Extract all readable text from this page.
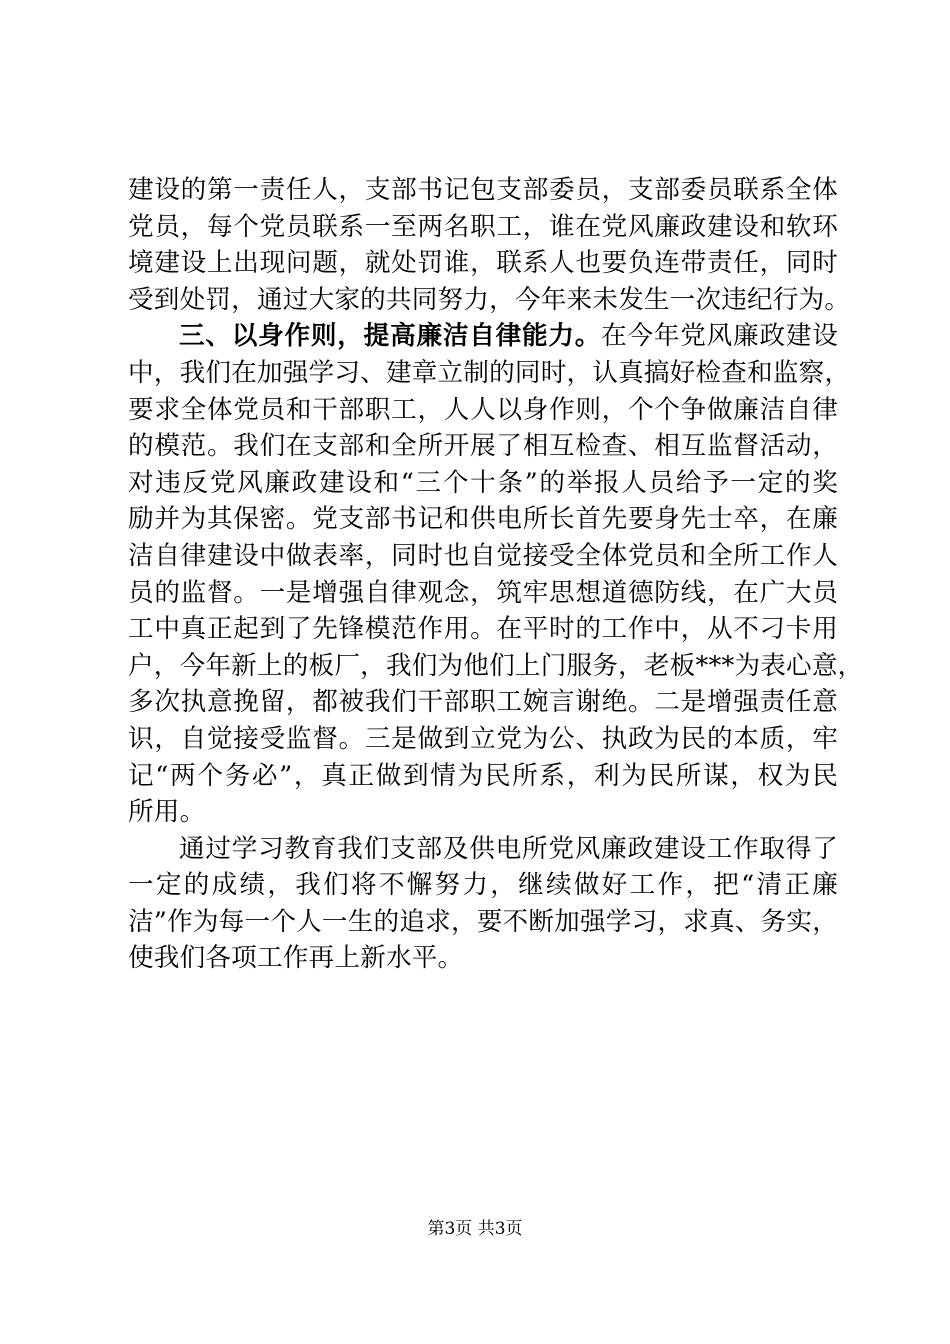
建设的第一责任人，支部书记包支部委员，支部委员联系全体
党员，每个党员联系一至两名职工，谁在党风廉政建设和软环
境建设上出现问题，就处罚谁，联系人也要负连带责任，同时
受到处罚，通过大家的共同努力，今年来未发生一次违纪行为。
三、以身作则，提高廉洁自律能力。在今年党风廉政建设
中，我们在加强学习、建章立制的同时，认真搞好检查和监察，
要求全体党员和干部职工，人人以身作则，个个争做廉洁自律
的模范。我们在支部和全所开展了相互检查、相互监督活动，
对违反党风廉政建设和“三个十条”的举报人员给予一定的奖
励并为其保密。党支部书记和供电所长首先要身先士卒，在廉
洁自律建设中做表率，同时也自觉接受全体党员和全所工作人
员的监督。一是增强自律观念，筑牢思想道德防线，在广大员
工中真正起到了先锋模范作用。在平时的工作中，从不刁卡用
户，今年新上的板厂，我们为他们上门服务，老板***为表心意，
多次执意挽留，都被我们干部职工婉言谢绝。二是增强责任意
识，自觉接受监督。三是做到立党为公、执政为民的本质，牢
记“两个务必”，真正做到情为民所系，利为民所谋，权为民
所用。
通过学习教育我们支部及供电所党风廉政建设工作取得了
一定的成绩，我们将不懈努力，继续做好工作，把“清正廉
洁”作为每一个人一生的追求，要不断加强学习，求真、务实，
使我们各项工作再上新水平。
第3页 共3页
